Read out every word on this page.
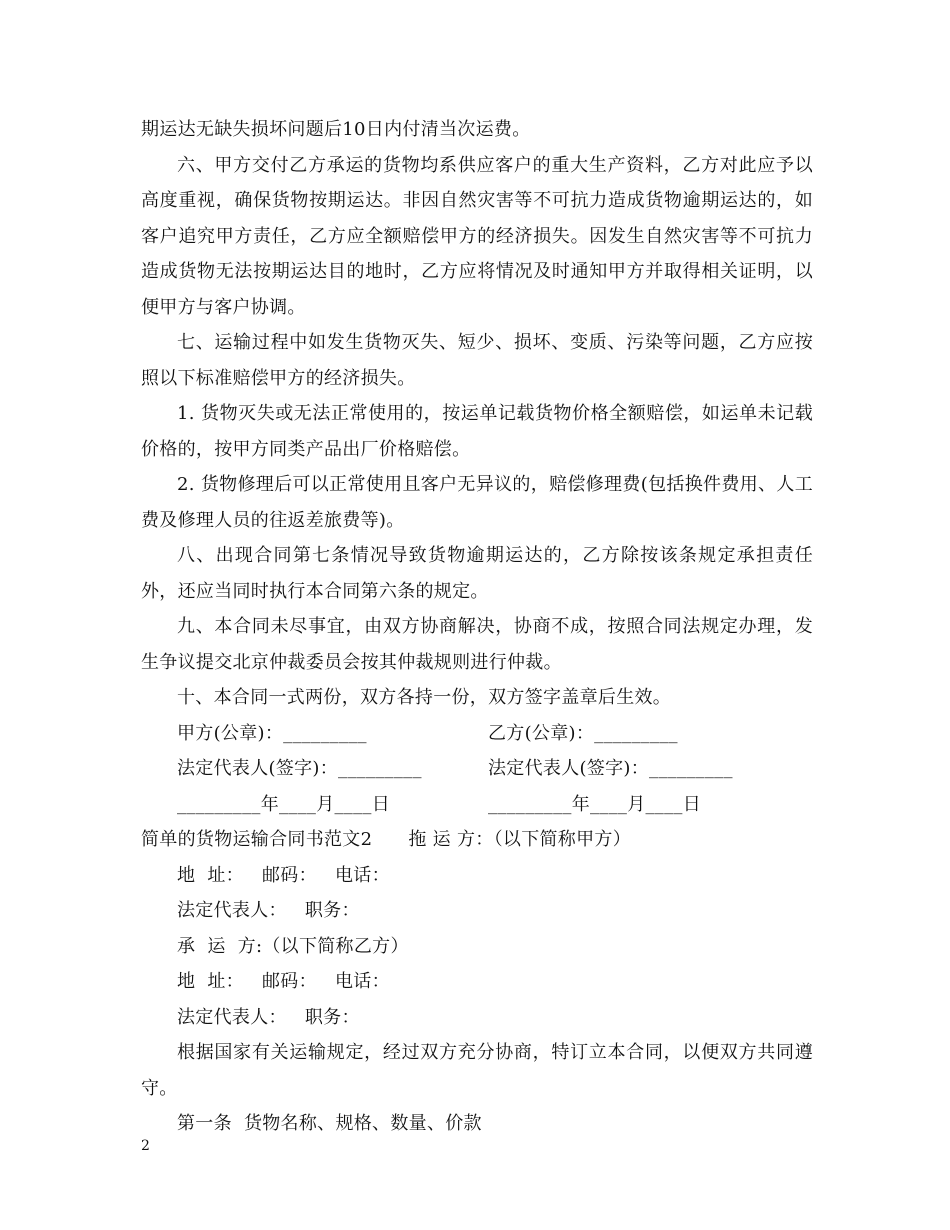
期运达无缺失损坏问题后10日内付清当次运费。

六、甲方交付乙方承运的货物均系供应客户的重大生产资料，乙方对此应予以高度重视，确保货物按期运达。非因自然灾害等不可抗力造成货物逾期运达的，如客户追究甲方责任，乙方应全额赔偿甲方的经济损失。因发生自然灾害等不可抗力造成货物无法按期运达目的地时，乙方应将情况及时通知甲方并取得相关证明，以便甲方与客户协调。

七、运输过程中如发生货物灭失、短少、损坏、变质、污染等问题，乙方应按照以下标准赔偿甲方的经济损失。

1. 货物灭失或无法正常使用的，按运单记载货物价格全额赔偿，如运单未记载价格的，按甲方同类产品出厂价格赔偿。

2. 货物修理后可以正常使用且客户无异议的，赔偿修理费(包括换件费用、人工费及修理人员的往返差旅费等)。

八、出现合同第七条情况导致货物逾期运达的，乙方除按该条规定承担责任外，还应当同时执行本合同第六条的规定。

九、本合同未尽事宜，由双方协商解决，协商不成，按照合同法规定办理，发生争议提交北京仲裁委员会按其仲裁规则进行仲裁。

十、本合同一式两份，双方各持一份，双方签字盖章后生效。

甲方(公章)：_________	乙方(公章)：_________
法定代表人(签字)：_________	法定代表人(签字)：_________
_________年____月____日	_________年____月____日

简单的货物运输合同书范文2 拖 运 方：（以下简称甲方）

地  址：   邮码：   电话：

法定代表人：   职务：

承  运  方:（以下简称乙方）

地  址：   邮码：   电话：

法定代表人：   职务：

根据国家有关运输规定，经过双方充分协商，特订立本合同，以便双方共同遵守。

第一条  货物名称、规格、数量、价款

2
